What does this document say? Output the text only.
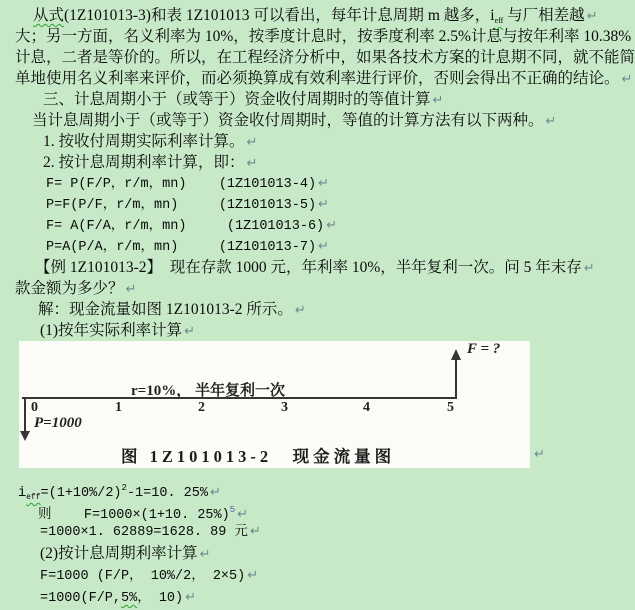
从式(1Z101013-3)和表 1Z101013 可以看出，每年计息周期 m 越多，$i_{eff}$ 与厂相差越 ↵
大；另一方面，名义利率为 10%，按季度计息时，按季度利率 2.5%计息与按年利率 10.38%
计息，二者是等价的。所以，在工程经济分析中，如果各技术方案的计息期不同，就不能简
单地使用名义利率来评价，而必须换算成有效利率进行评价，否则会得出不正确的结论。 ↵
三、计息周期小于（或等于）资金收付周期时的等值计算 ↵
当计息周期小于（或等于）资金收付周期时，等值的计算方法有以下两种。 ↵
1. 按收付周期实际利率计算。 ↵
2. 按计息周期利率计算，即： ↵
F= P(F/P，r/m，mn)    (1Z101013-4) ↵
P=F(P/F，r/m，mn)     (1Z101013-5) ↵
F= A(F/A，r/m，mn)     (1Z101013-6) ↵
P=A(P/A，r/m，mn)     (1Z101013-7) ↵
【例 1Z101013-2】  现在存款 1000 元，年利率 10%，半年复利一次。问 5 年末存 ↵
款金额为多少？ ↵
解：现金流量如图 1Z101013-2 所示。 ↵
(1)按年实际利率计算 ↵
F = ?
r=10%， 半年复利一次
0	1	2	3	4	5
P=1000
图 1Z101013-2　现金流量图	↵
$i_{eff}=(1+10\%/2)^2-1=10$. 25% ↵
则    F=1000×(1+10. 25%)$^5$ ↵
=1000×1. 62889=1628. 89 元 ↵
(2)按计息周期利率计算 ↵
F=1000 (F/P， 10%/2， 2×5) ↵
=1000(F/P,5%， 10) ↵
